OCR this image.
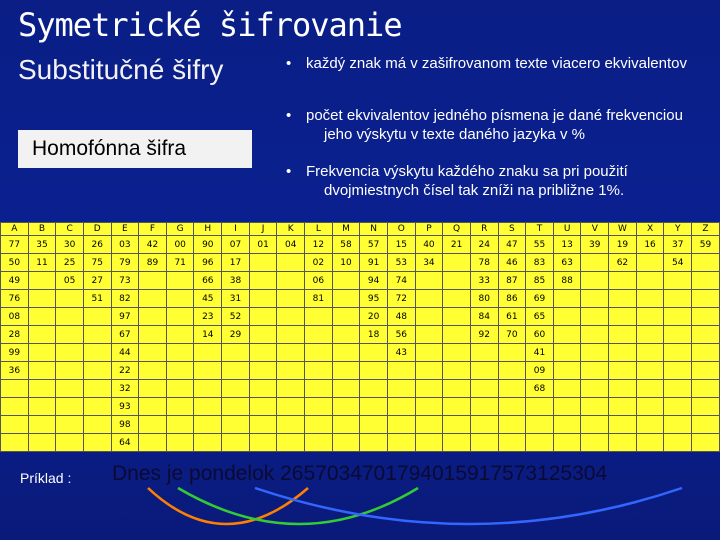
Symetrické šifrovanie
Substitučné šifry
Homofónna šifra
• každý znak má v zašifrovanom texte viacero ekvivalentov
• počet ekvivalentov jedného písmena je dané frekvenciou jeho výskytu v texte daného jazyka v %
• Frekvencia výskytu každého znaku sa pri použití dvojmiestnych čísel tak zníži na približne 1%.
A	B	C	D	E	F	G	H	I	J	K	L	M	N	O	P	Q	R	S	T	U	V	W	X	Y	Z
77	35	30	26	03	42	00	90	07	01	04	12	58	57	15	40	21	24	47	55	13	39	19	16	37	59
50	11	25	75	79	89	71	96	17			02	10	91	53	34		78	46	83	63		62		54	
49		05	27	73			66	38			06		94	74			33	87	85	88					
76			51	82			45	31			81		95	72			80	86	69						
08				97			23	52					20	48			84	61	65						
28				67			14	29					18	56			92	70	60						
99				44										43					41						
36				22															09						
				32															68						
				93																					
				98																					
				64																					
Príklad : Dnes je pondelok 2657034701794015917573125304
